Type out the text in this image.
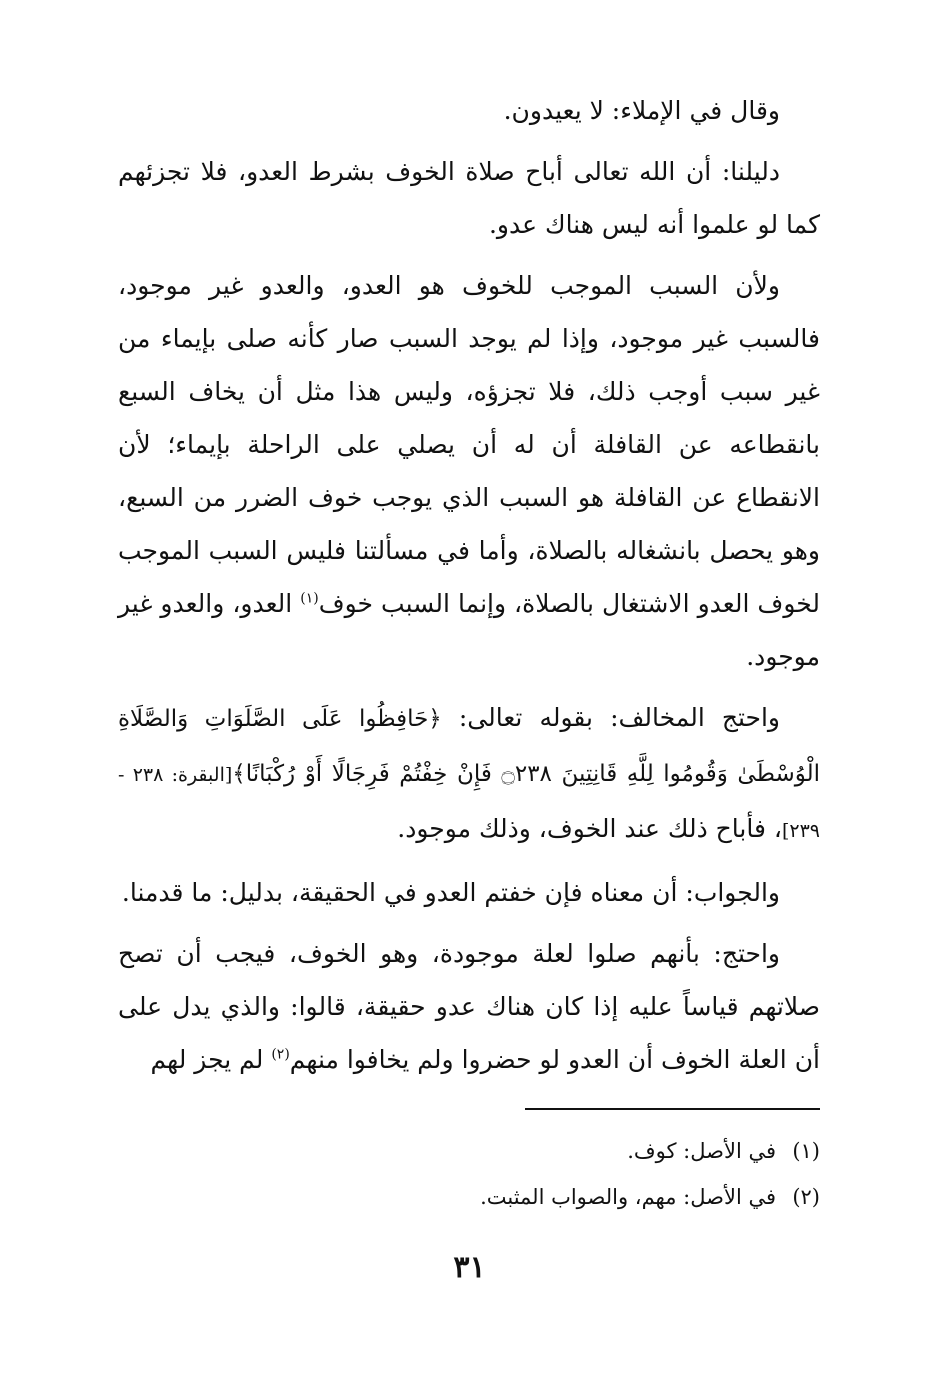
وقال في الإملاء: لا يعيدون.

دليلنا: أن الله تعالى أباح صلاة الخوف بشرط العدو، فلا تجزئهم كما لو علموا أنه ليس هناك عدو.

ولأن السبب الموجب للخوف هو العدو، والعدو غير موجود، فالسبب غير موجود، وإذا لم يوجد السبب صار كأنه صلى بإيماء من غير سبب أوجب ذلك، فلا تجزؤه، وليس هذا مثل أن يخاف السبع بانقطاعه عن القافلة أن له أن يصلي على الراحلة بإيماء؛ لأن الانقطاع عن القافلة هو السبب الذي يوجب خوف الضرر من السبع، وهو يحصل بانشغاله بالصلاة، وأما في مسألتنا فليس السبب الموجب لخوف العدو الاشتغال بالصلاة، وإنما السبب خوف$^{(١)}$ العدو، والعدو غير موجود.

واحتج المخالف: بقوله تعالى: ﴿حَافِظُوا عَلَى الصَّلَوَاتِ وَالصَّلَاةِ الْوُسْطَىٰ وَقُومُوا لِلَّهِ قَانِتِينَ ۝٢٣٨ فَإِنْ خِفْتُمْ فَرِجَالًا أَوْ رُكْبَانًا﴾[البقرة: ٢٣٨ - ٢٣٩]، فأباح ذلك عند الخوف، وذلك موجود.

والجواب: أن معناه فإن خفتم العدو في الحقيقة، بدليل: ما قدمنا.

واحتج: بأنهم صلوا لعلة موجودة، وهو الخوف، فيجب أن تصح صلاتهم قياساً عليه إذا كان هناك عدو حقيقة، قالوا: والذي يدل على أن العلة الخوف أن العدو لو حضروا ولم يخافوا منهم$^{(٢)}$ لم يجز لهم

(١)
في الأصل: كوف.
(٢)
في الأصل: مهم، والصواب المثبت.
٣١
